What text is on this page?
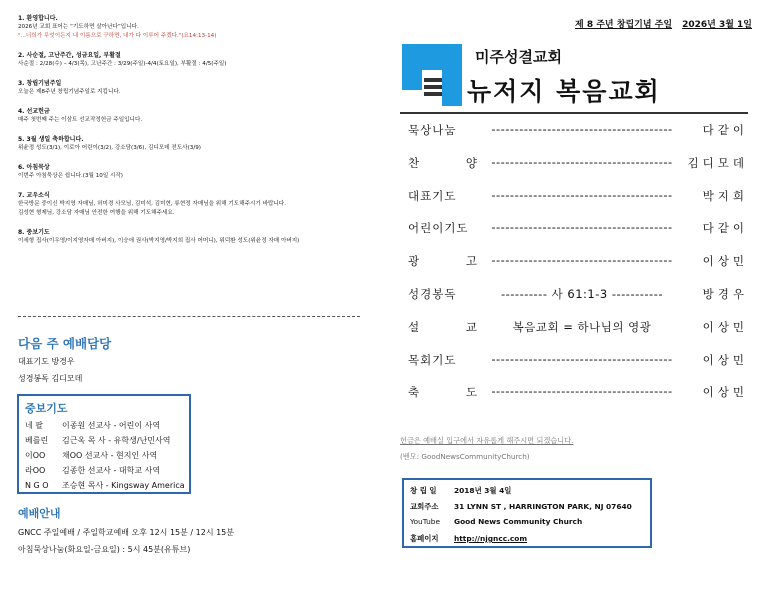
1. 환영합니다.
2026년 교회 표어는 “기도하면 살아난다”입니다.
"...너희가 무엇이든지 내 이름으로 구하면, 내가 다 이루어 주겠다."(요14:13-14)
2. 사순절, 고난주간, 성금요일, 부활절
사순절 : 2/28(수) – 4/3(목), 고난주간 : 3/29(주일)-4/4(토요일), 부활절 : 4/5(주일)
3. 창립기념주일
오늘은 제8주년 창립기념주일로 지킵니다.
4. 선교헌금
매주 첫번째 주는 이삼트 선교작정헌금 주일입니다.
5. 3월 생일 축하합니다.
위윤정 성도(3/1), 이로아 어린이(3/2), 강소담(3/6), 김디모데 전도사(3/9)
6. 아침묵상
이번주 아침묵상은 쉽니다.(3월 10일 시작)
7. 교우소식
한국방문 중이신 박지영 자매님, 허미경 사모님, 김미석, 김미현, 류현정 자매님을 위해 기도해주시기 바랍니다.
김성현 형제님, 강소담 자매님 안전한 여행을 위해 기도해주세요.
8. 중보기도
이세형 집사(이우영/이지영자매 아버지), 이승애 권사(박지영/박지희 집사 어머니), 위덕환 성도(위윤정 자매 아버지)
다음 주 예배담당
대표기도 방경우
성경봉독 김디모데
중보기도
네 팔 이종원 선교사 - 어린이 사역
베를린 김근옥 목 사 - 유학생/난민사역
이OO 채OO 선교사 - 현지인 사역
라OO 김종한 선교사 - 대학교 사역
N G O 조승현 목사 - Kingsway America
예배안내
GNCC 주일예배 / 주일학교예배 오후 12시 15분 / 12시 15분
아침묵상나눔(화요일-금요일) : 5시 45분(유튜브)
제 8 주년 창립기념 주일 2026년 3월 1일
미주성결교회
뉴저지 복음교회
묵상나눔	---------------------------------------	다같이
찬 양 --------------------------------------- 김디모데
대표기도	---------------------------------------	박지희
어린이기도	---------------------------------------	다같이
광 고 ---------------------------------------	이상민
성경봉독	---------- 사 61:1-3 -----------	방경우
설 교	복음교회 = 하나님의 영광	이상민
목회기도	---------------------------------------	이상민
축 도 ---------------------------------------	이상민
헌금은 예배실 입구에서 자유롭게 해주시면 되겠습니다.
(벤모: GoodNewsCommunityChurch)
창 립 일 2018년 3월 4일
교회주소 31 LYNN ST , HARRINGTON PARK, NJ 07640
YouTube Good News Community Church
홈페이지 http://njgncc.com
